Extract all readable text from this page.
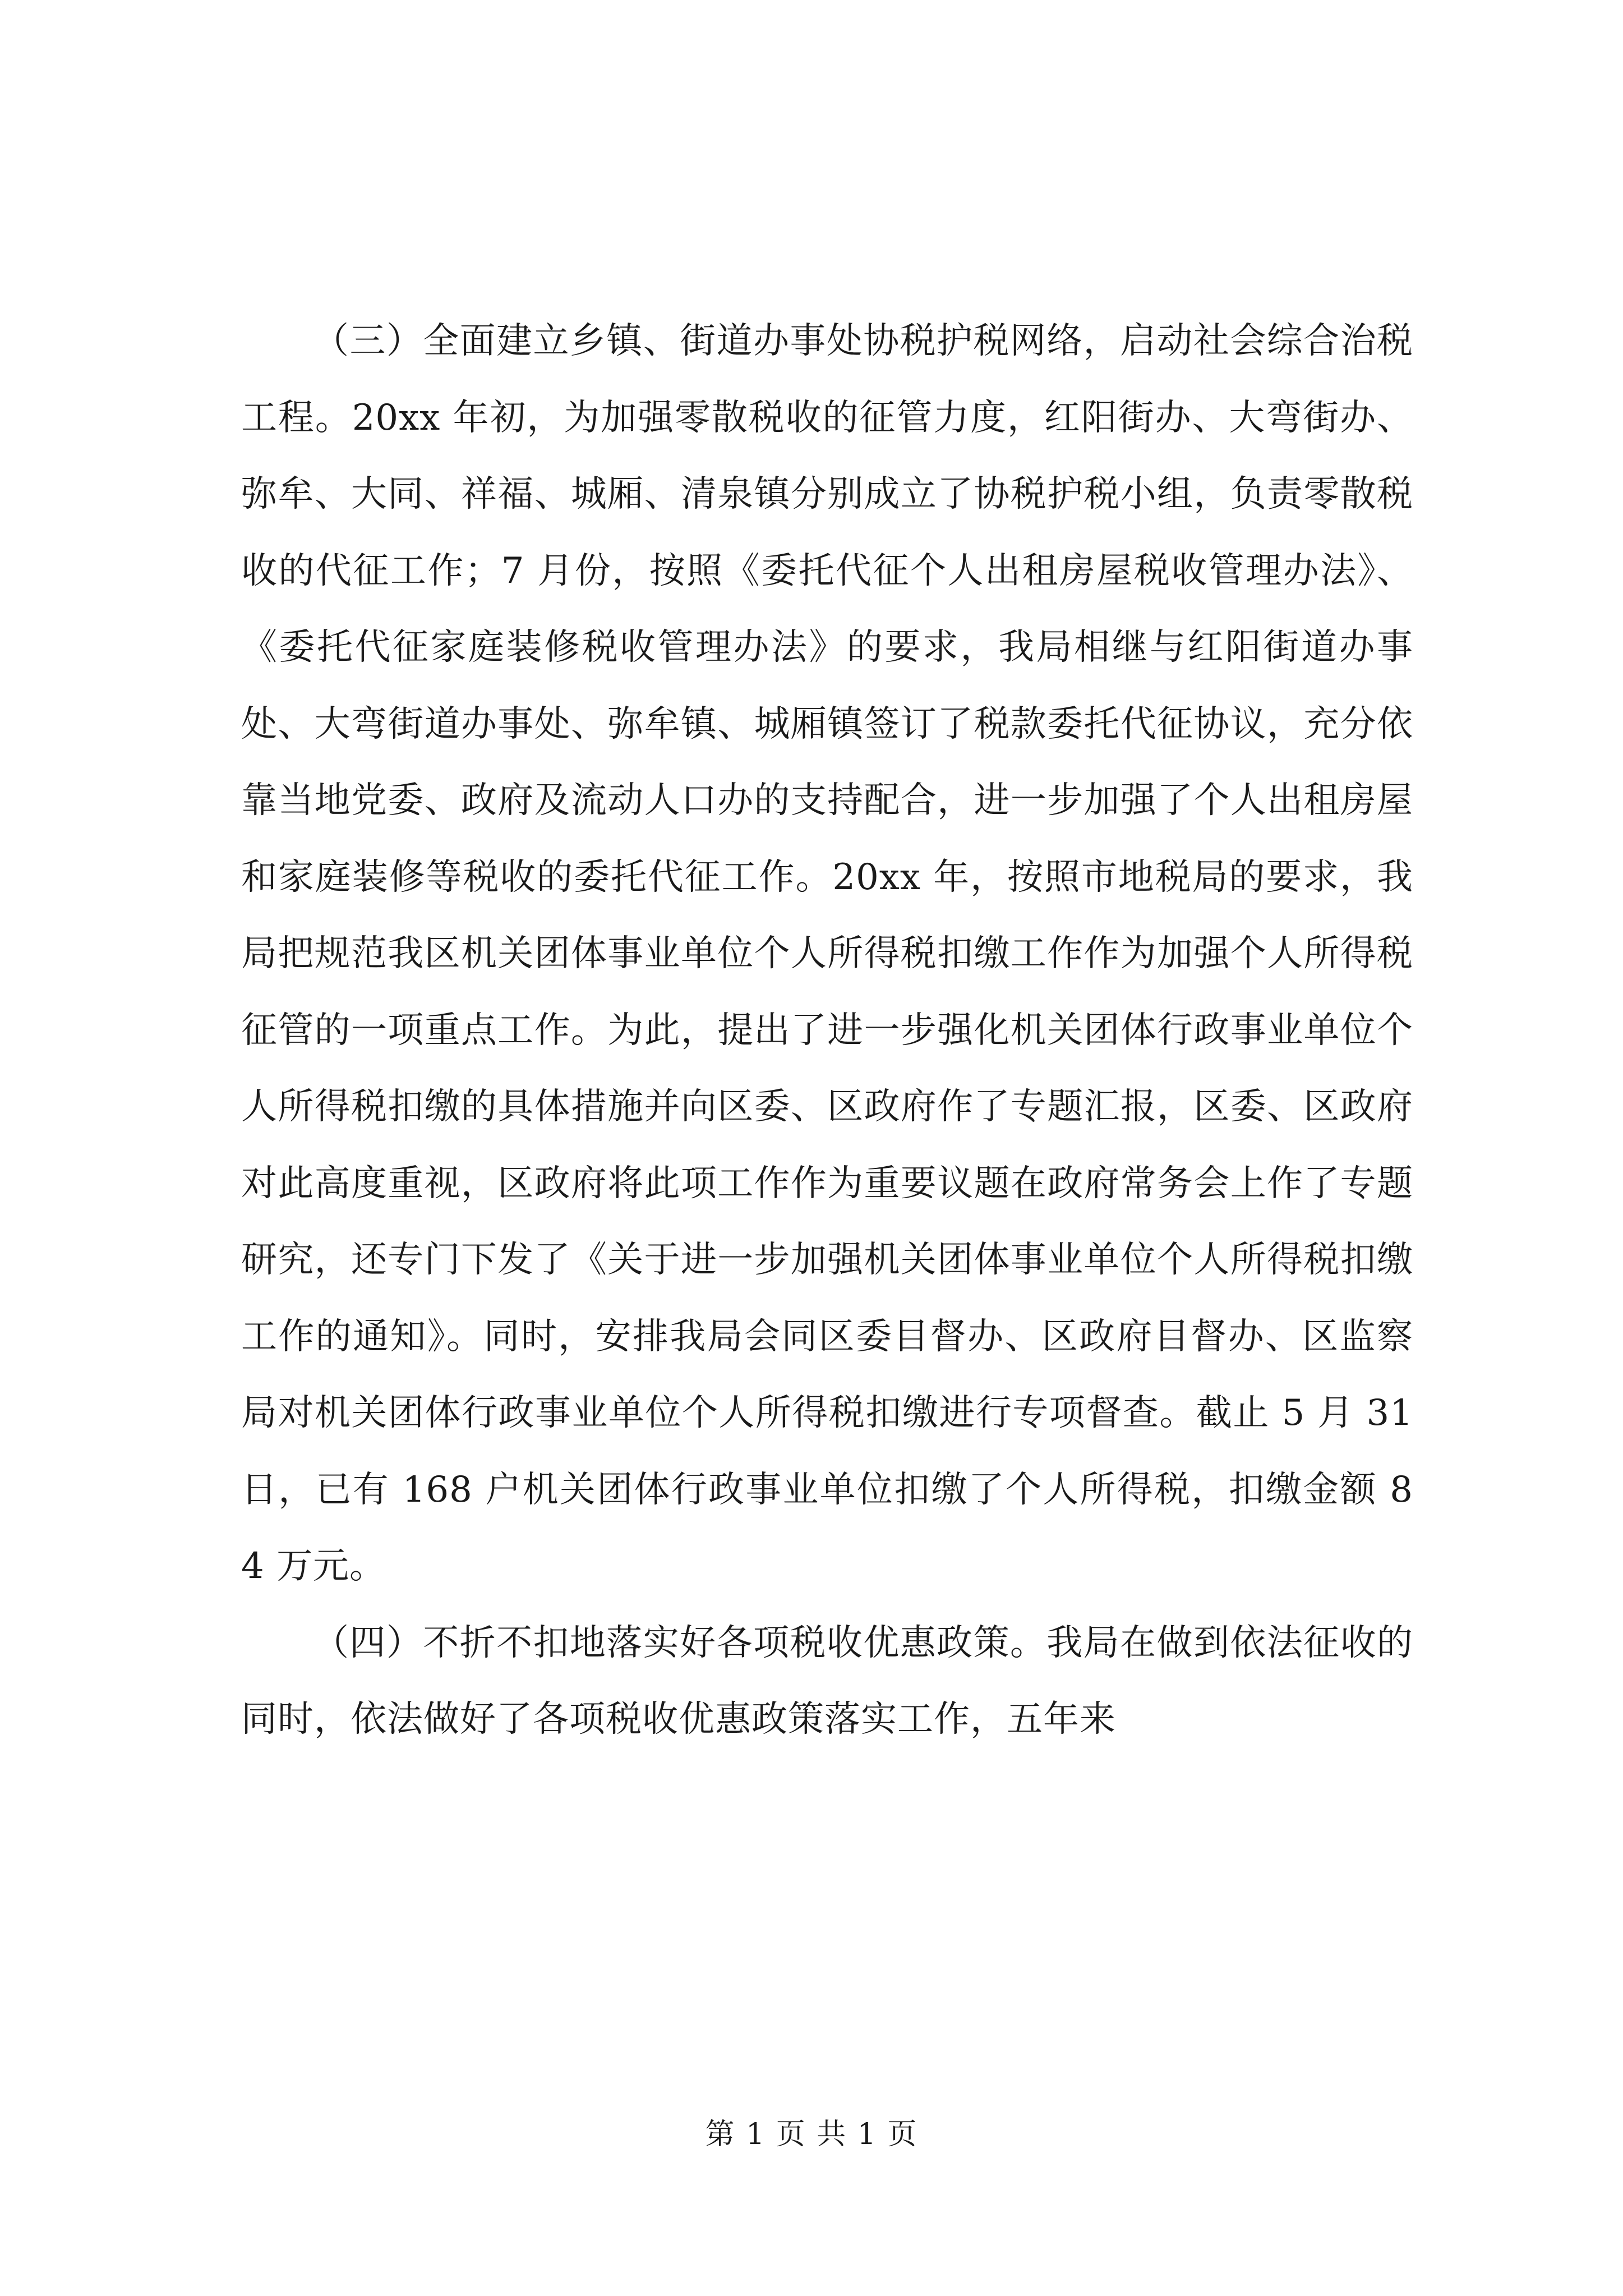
（三）全面建立乡镇、街道办事处协税护税网络，启动社会综合治税工程。20xx 年初，为加强零散税收的征管力度，红阳街办、大弯街办、弥牟、大同、祥福、城厢、清泉镇分别成立了协税护税小组，负责零散税收的代征工作；7 月份，按照《委托代征个人出租房屋税收管理办法》、《委托代征家庭装修税收管理办法》的要求，我局相继与红阳街道办事处、大弯街道办事处、弥牟镇、城厢镇签订了税款委托代征协议，充分依靠当地党委、政府及流动人口办的支持配合，进一步加强了个人出租房屋和家庭装修等税收的委托代征工作。20xx 年，按照市地税局的要求，我局把规范我区机关团体事业单位个人所得税扣缴工作作为加强个人所得税征管的一项重点工作。为此，提出了进一步强化机关团体行政事业单位个人所得税扣缴的具体措施并向区委、区政府作了专题汇报，区委、区政府对此高度重视，区政府将此项工作作为重要议题在政府常务会上作了专题研究，还专门下发了《关于进一步加强机关团体事业单位个人所得税扣缴工作的通知》。同时，安排我局会同区委目督办、区政府目督办、区监察局对机关团体行政事业单位个人所得税扣缴进行专项督查。截止 5 月 31 日，已有 168 户机关团体行政事业单位扣缴了个人所得税，扣缴金额 84 万元。

（四）不折不扣地落实好各项税收优惠政策。我局在做到依法征收的同时，依法做好了各项税收优惠政策落实工作，五年来

第 1 页 共 1 页
